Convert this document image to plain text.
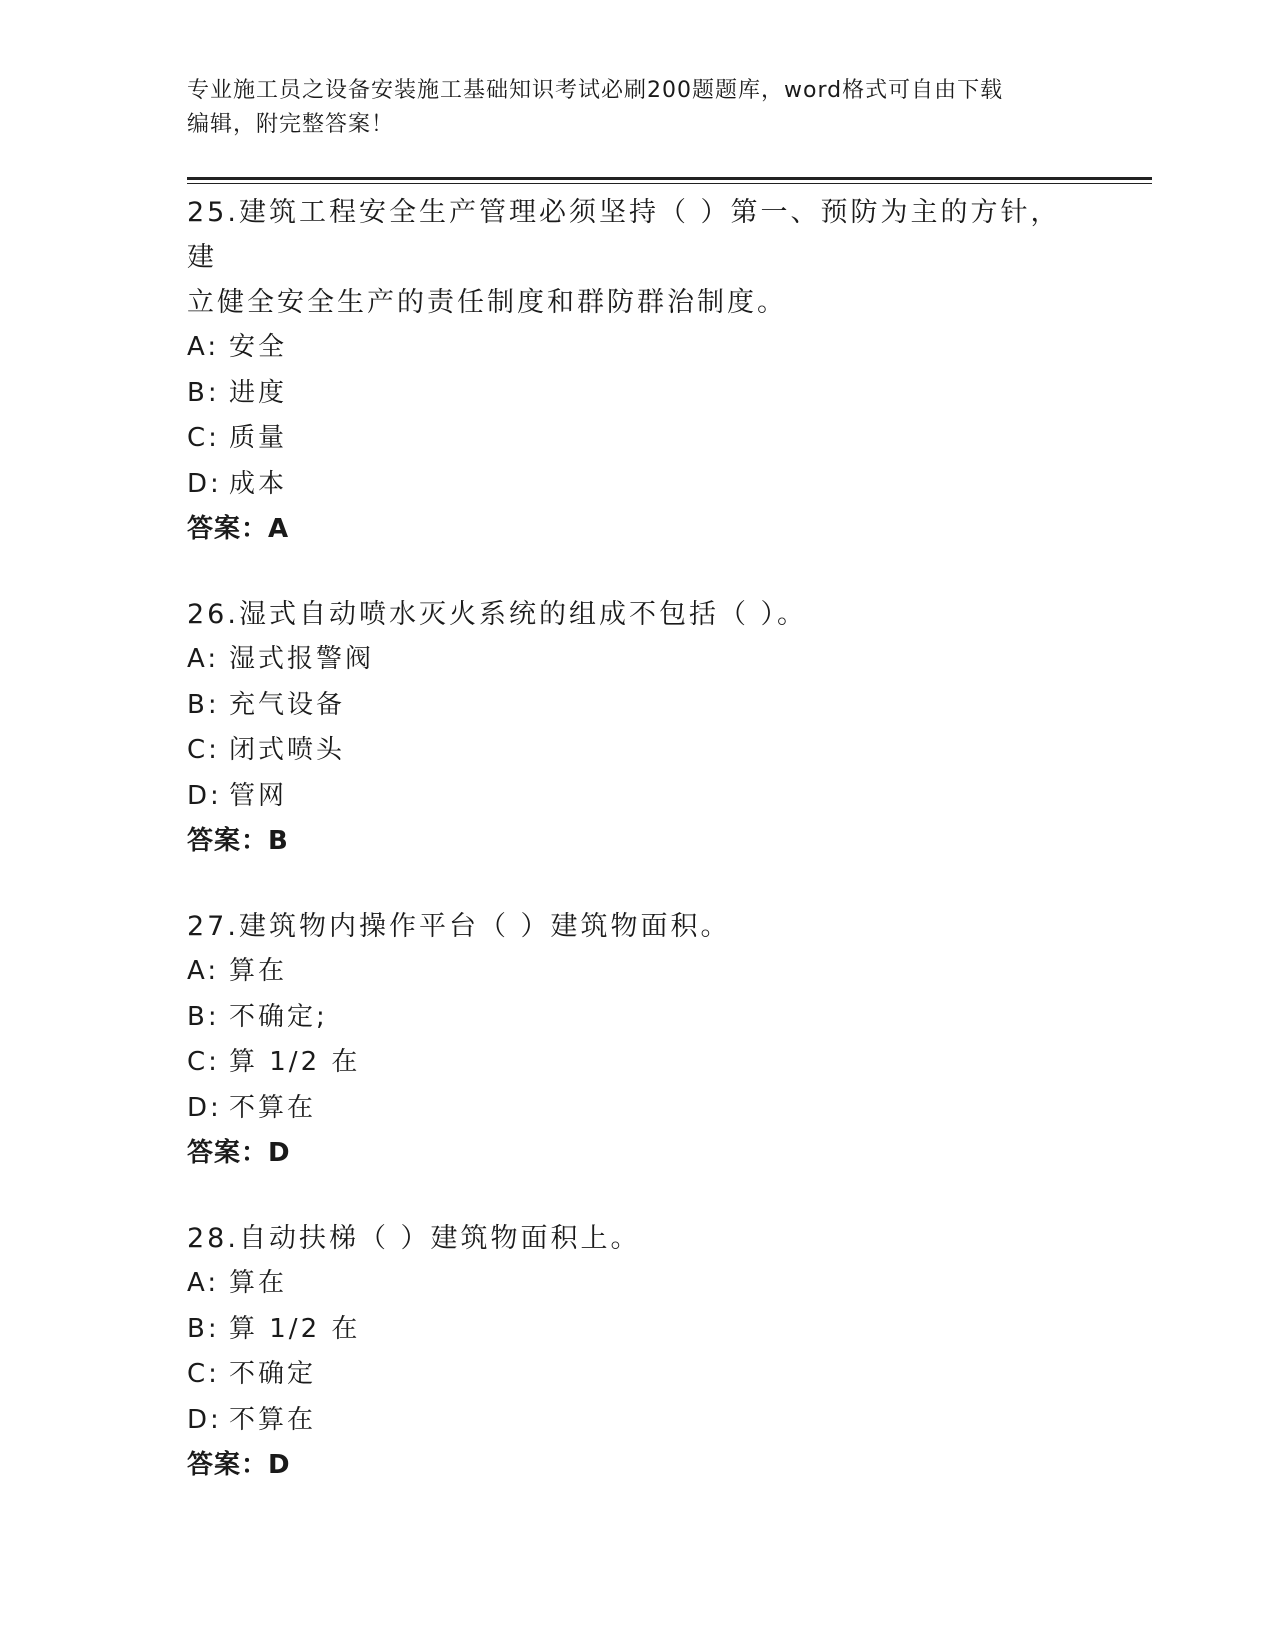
专业施工员之设备安装施工基础知识考试必刷200题题库，word格式可自由下载
编辑，附完整答案！

25.建筑工程安全生产管理必须坚持（ ）第一、预防为主的方针，建

立健全安全生产的责任制度和群防群治制度。

A: 安全
B: 进度
C: 质量
D: 成本

答案：A

26.湿式自动喷水灭火系统的组成不包括（ ）。

A: 湿式报警阀
B: 充气设备
C: 闭式喷头
D: 管网

答案：B

27.建筑物内操作平台（ ）建筑物面积。

A: 算在
B: 不确定;
C: 算 1/2 在
D: 不算在

答案：D

28.自动扶梯（ ）建筑物面积上。

A: 算在
B: 算 1/2 在
C: 不确定
D: 不算在

答案：D
